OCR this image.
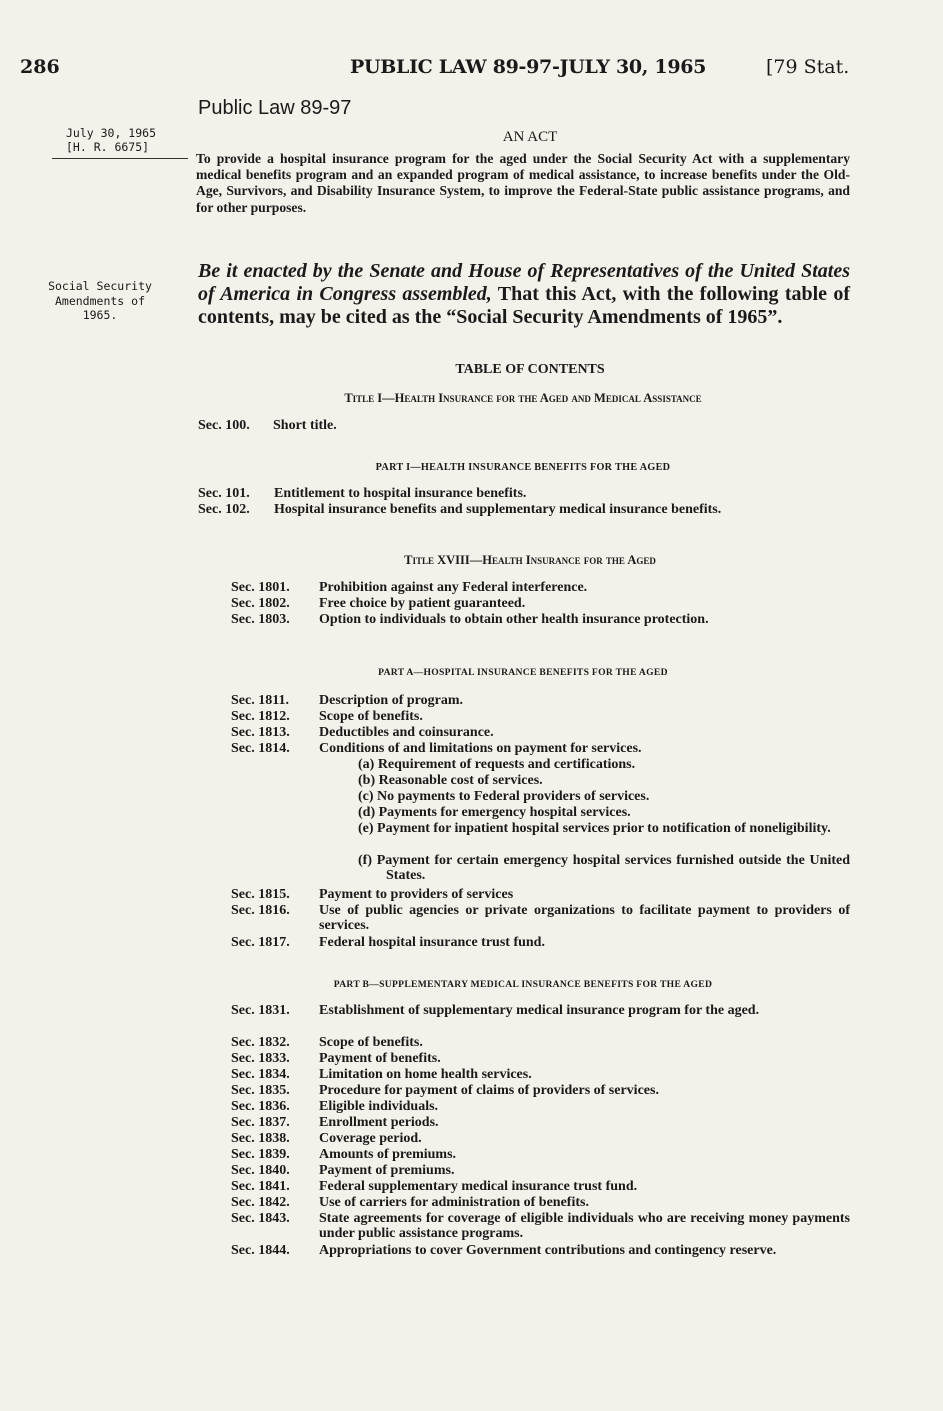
286	PUBLIC LAW 89-97-JULY 30, 1965	[79 Stat.
Public Law 89-97
July 30, 1965
[H. R. 6675]
AN ACT
To provide a hospital insurance program for the aged under the Social Security Act with a supplementary medical benefits program and an expanded program of medical assistance, to increase benefits under the Old-Age, Survivors, and Disability Insurance System, to improve the Federal-State public assistance programs, and for other purposes.
Social Security
Amendments of
1965.
Be it enacted by the Senate and House of Representatives of the United States of America in Congress assembled, That this Act, with the following table of contents, may be cited as the “Social Security Amendments of 1965”.
TABLE OF CONTENTS
Title I—Health Insurance for the Aged and Medical Assistance
Sec. 100.	Short title.
PART I—HEALTH INSURANCE BENEFITS FOR THE AGED
Sec. 101.	Entitlement to hospital insurance benefits.
Sec. 102.	Hospital insurance benefits and supplementary medical insurance benefits.
Title XVIII—Health Insurance for the Aged
Sec. 1801.	Prohibition against any Federal interference.
Sec. 1802.	Free choice by patient guaranteed.
Sec. 1803.	Option to individuals to obtain other health insurance protection.
PART A—HOSPITAL INSURANCE BENEFITS FOR THE AGED
Sec. 1811.	Description of program.
Sec. 1812.	Scope of benefits.
Sec. 1813.	Deductibles and coinsurance.
Sec. 1814.	Conditions of and limitations on payment for services.
(a) Requirement of requests and certifications.
(b) Reasonable cost of services.
(c) No payments to Federal providers of services.
(d) Payments for emergency hospital services.
(e) Payment for inpatient hospital services prior to notification of noneligibility.
(f) Payment for certain emergency hospital services furnished outside the United States.
Sec. 1815.	Payment to providers of services
Sec. 1816.	Use of public agencies or private organizations to facilitate payment to providers of services.
Sec. 1817.	Federal hospital insurance trust fund.
PART B—SUPPLEMENTARY MEDICAL INSURANCE BENEFITS FOR THE AGED
Sec. 1831.	Establishment of supplementary medical insurance program for the aged.
Sec. 1832.	Scope of benefits.
Sec. 1833.	Payment of benefits.
Sec. 1834.	Limitation on home health services.
Sec. 1835.	Procedure for payment of claims of providers of services.
Sec. 1836.	Eligible individuals.
Sec. 1837.	Enrollment periods.
Sec. 1838.	Coverage period.
Sec. 1839.	Amounts of premiums.
Sec. 1840.	Payment of premiums.
Sec. 1841.	Federal supplementary medical insurance trust fund.
Sec. 1842.	Use of carriers for administration of benefits.
Sec. 1843.	State agreements for coverage of eligible individuals who are receiving money payments under public assistance programs.
Sec. 1844.	Appropriations to cover Government contributions and contingency reserve.
